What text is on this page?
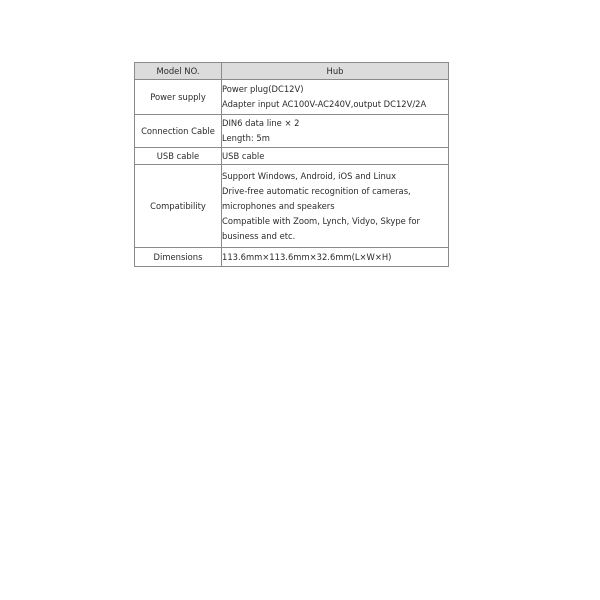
Model NO.	Hub
Power supply	Power plug(DC12V)
Adapter input AC100V-AC240V,output DC12V/2A

Connection Cable	DIN6 data line × 2
Length: 5m

USB cable	USB cable

Compatibility	Support Windows, Android, iOS and Linux
Drive-free automatic recognition of cameras,
microphones and speakers
Compatible with Zoom, Lynch, Vidyo, Skype for
business and etc.

Dimensions	113.6mm×113.6mm×32.6mm(L×W×H)
